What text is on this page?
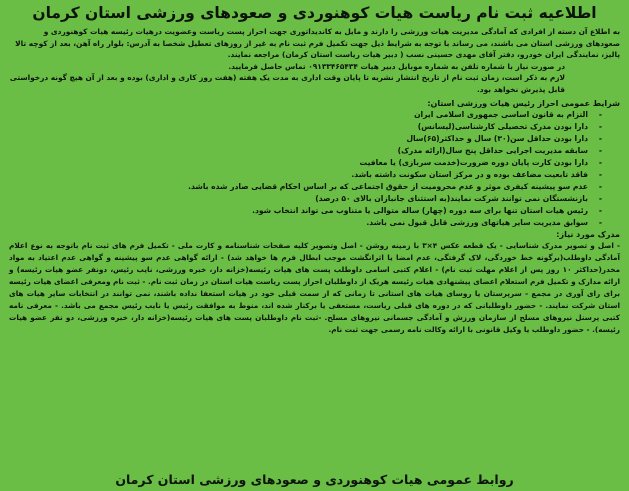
اطلاعیه ثبت نام ریاست هیات کوهنوردی و صعودهای ورزشی استان کرمان

به اطلاع آن دسته از افرادی که آمادگی مدیریت هیات ورزشی را دارند و مایل به کاندیداتوری جهت احراز پست ریاست وعضویت درهیات رئیسه هیات کوهنوردی و صعودهای ورزشی استان می باشند، می رساند با توجه به شرایط ذیل جهت تکمیل فرم ثبت نام به غیر از روزهای تعطیل شخصا به آدرس: بلوار راه آهن، بعد از کوچه تالا پالیز، نمایندگی ایران خودرو، دفتر آقای مهدی حسینی نسب ( دبیر هیات ریاست استان کرمان) مراجعه نمایند.

در صورت نیاز با شماره تلفن به شماره موبایل دبیر هیات ۰۹۱۳۳۴۶۵۴۳۴ تماس حاصل فرمایید.

لازم به ذکر است، زمان ثبت نام از تاریخ انتشار نشریه تا پایان وقت اداری به مدت یک هفته (هفت روز کاری و اداری) بوده و بعد از آن هیچ گونه درخواستی قابل پذیرش نخواهد بود.

شرایط عمومی احراز رئیس هیات ورزشی استان:
-التزام به قانون اساسی جمهوری اسلامی ایران
-دارا بودن مدرک تحصیلی کارشناسی(لیسانس)
-دارا بودن حداقل سن(۳۰) سال و حداکثر(۶۵)سال
-سابقه مدیریت اجرایی حداقل پنج سال(ارائه مدرک)
-دارا بودن کارت پایان دوره ضرورت(خدمت سربازی) یا معافیت
-فاقد تابعیت مضاعف بوده و در مرکز استان سکونت داشته باشد.
-عدم سو پیشینه کیفری موثر و عدم محرومیت از حقوق اجتماعی که بر اساس احکام قضایی صادر شده باشد.
-بازنشستگان نمی توانند شرکت نمایند(به استثنای جانبازان بالای ۵۰ درصد)
-رئیس هیات استان تنها برای سه دوره (چهار) ساله متوالی یا متناوب می تواند انتخاب شود.
-سوابق مدیریت سایر هیاتهای ورزشی قابل قبول نمی باشد.
مدرک مورد نیاز:
- اصل و تصویر مدرک شناسایی - یک قطعه عکس ۴×۳ با زمینه روشن - اصل وتصویر کلیه صفحات شناسنامه و کارت ملی - تکمیل فرم های ثبت نام باتوجه به نوع اعلام آمادگی داوطلب(برگونه خط خوردگی، لاک گرفتگی، عدم امضا یا اثرانگشت موجب ابطال فرم ها خواهد شد) - ارائه گواهی عدم سو پیشینه و گواهی عدم اعتیاد به مواد مخدر(حداکثر ۱۰ روز پس از اعلام مهلت ثبت نام) - اعلام کتبی اسامی داوطلب پست های هیات رئیسه(خزانه دار، خبره ورزشی، نایب رئیس، دونفر عضو هیات رئیسه) و ارائه مدارک و تکمیل فرم استعلام اعضای پیشنهادی هیات رئیسه هریک از داوطلبان احراز پست ریاست هیات استان در زمان ثبت نام. - ثبت نام ومعرفی اعضای هیات رئیسه برای رای آوری در مجمع - سرپرستان یا روسای هیات های استانی تا زمانی که از سمت قبلی خود در هیات استعفا نداده باشند، نمی توانند در انتخابات سایر هیات های استان شرکت نمایند. - حضور داوطلبانی که در دوره های قبلی ریاست، مستعفی یا برکنار شده اند، منوط به موافقت رئیس یا نایب رئیس مجمع می باشد. - معرفی نامه کتبی پرسنل نیروهای مسلح از سازمان ورزش و آمادگی جسمانی نیروهای مسلح. -ثبت نام داوطلبان پست های هیات رئیسه(خزانه دار، خبره ورزشی، دو نفر عضو هیات رئیسه). - حضور داوطلب یا وکیل قانونی با ارائه وکالت نامه رسمی جهت ثبت نام.
روابط عمومی هیات کوهنوردی و صعودهای ورزشی استان کرمان
